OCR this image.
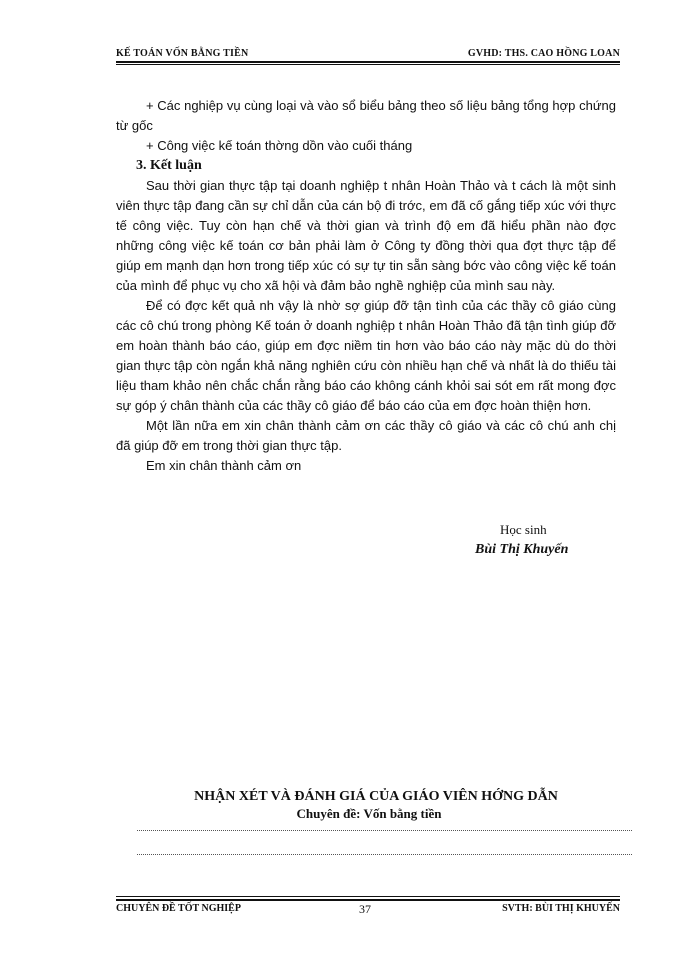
KẾ TOÁN VỐN BẰNG TIỀN	GVHD: THS. CAO HỒNG LOAN

+ Các nghiệp vụ cùng loại và vào sổ biểu bảng theo số liệu bảng tổng hợp chứng từ gốc

+ Công việc kế toán thờng dồn vào cuối tháng

3. Kết luận

Sau thời gian thực tập tại doanh nghiệp t nhân Hoàn Thảo và t cách là một sinh viên thực tập đang cần sự chỉ dẫn của cán bộ đi trớc, em đã cố gắng tiếp xúc với thực tế công việc. Tuy còn hạn chế và thời gian và trình độ em đã hiểu phần nào đợc những công việc kế toán cơ bản phải làm ở Công ty đồng thời qua đợt thực tập để giúp em mạnh dạn hơn trong tiếp xúc có sự tự tin sẵn sàng bớc vào công việc kế toán của mình để phục vụ cho xã hội và đảm bảo nghề nghiệp của mình sau này.

Để có đợc kết quả nh vậy là nhờ sợ giúp đỡ tận tình của các thầy cô giáo cùng các cô chú trong phòng Kế toán ở doanh nghiệp t nhân Hoàn Thảo đã tận tình giúp đỡ em hoàn thành báo cáo, giúp em đợc niềm tin hơn vào báo cáo này mặc dù do thời gian thực tập còn ngắn khả năng nghiên cứu còn nhiều hạn chế và nhất là do thiếu tài liệu tham khảo nên chắc chắn rằng báo cáo không cánh khỏi sai sót em rất mong đợc sự góp ý chân thành của các thầy cô giáo để báo cáo của em đợc hoàn thiện hơn.

Một lần nữa em xin chân thành cảm ơn các thầy cô giáo và các cô chú anh chị đã giúp đỡ em trong thời gian thực tập.

Em xin chân thành cảm ơn

Học sinh
Bùi Thị Khuyến
NHẬN XÉT VÀ ĐÁNH GIÁ CỦA GIÁO VIÊN HỚNG DẪN
Chuyên đề: Vốn bằng tiền
CHUYÊN ĐỀ TỐT NGHIỆP	37	SVTH: BÙI THỊ KHUYẾN
